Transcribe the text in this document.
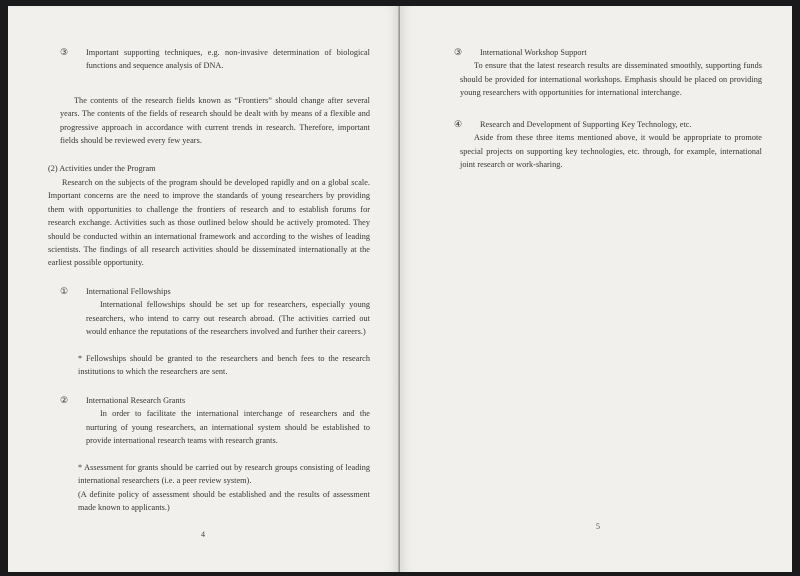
③	Important supporting techniques, e.g. non-invasive determination of biological functions and sequence analysis of DNA.
The contents of the research fields known as “Frontiers” should change after several years. The contents of the fields of research should be dealt with by means of a flexible and progressive approach in accordance with current trends in research. Therefore, important fields should be reviewed every few years.
(2) Activities under the Program
Research on the subjects of the program should be developed rapidly and on a global scale. Important concerns are the need to improve the standards of young researchers by providing them with opportunities to challenge the frontiers of research and to establish forums for research exchange. Activities such as those outlined below should be actively promoted. They should be conducted within an international framework and according to the wishes of leading scientists. The findings of all research activities should be disseminated internationally at the earliest possible opportunity.
①	International Fellowships
International fellowships should be set up for researchers, especially young researchers, who intend to carry out research abroad. (The activities carried out would enhance the reputations of the researchers involved and further their careers.)
* Fellowships should be granted to the researchers and bench fees to the research institutions to which the researchers are sent.
②	International Research Grants
In order to facilitate the international interchange of researchers and the nurturing of young researchers, an international system should be established to provide international research teams with research grants.
* Assessment for grants should be carried out by research groups consisting of leading international researchers (i.e. a peer review system).
(A definite policy of assessment should be established and the results of assessment made known to applicants.)
4
③	International Workshop Support
To ensure that the latest research results are disseminated smoothly, supporting funds should be provided for international workshops. Emphasis should be placed on providing young researchers with opportunities for international interchange.
④	Research and Development of Supporting Key Technology, etc.
Aside from these three items mentioned above, it would be appropriate to promote special projects on supporting key technologies, etc. through, for example, international joint research or work-sharing.
5
